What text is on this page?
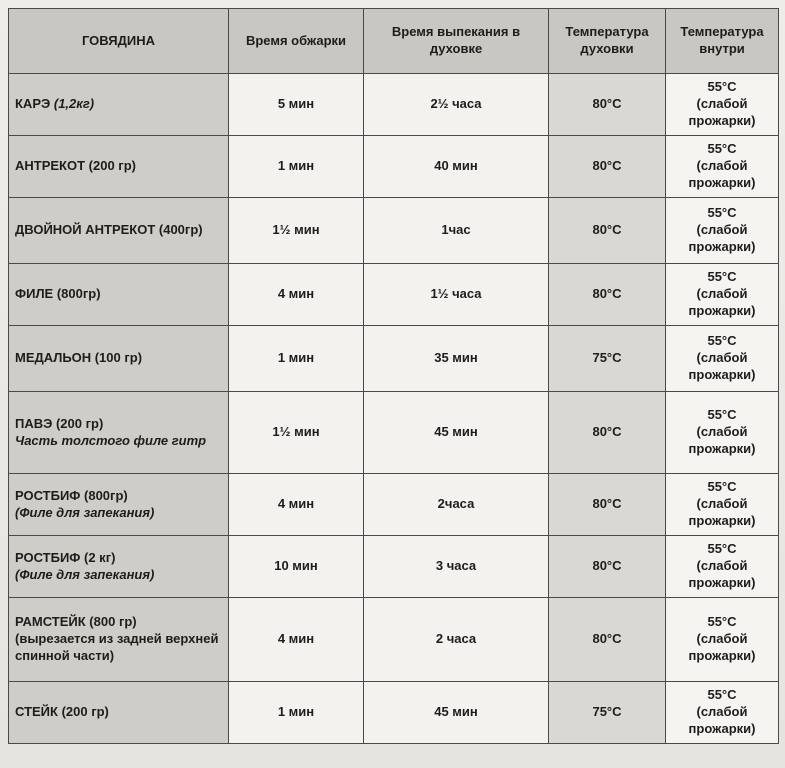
ГОВЯДИНА	Время обжарки	Время выпекания в духовке	Температура духовки	Температура внутри
КАРЭ (1,2кг)	5 мин	2½ часа	80°C	55°C
(слабой прожарки)
АНТРЕКОТ (200 гр)	1 мин	40 мин	80°C	55°C
(слабой прожарки)
ДВОЙНОЙ АНТРЕКОТ (400гр)	1½ мин	1час	80°C	55°C
(слабой прожарки)
ФИЛЕ (800гр)	4 мин	1½ часа	80°C	55°C
(слабой прожарки)
МЕДАЛЬОН (100 гр)	1 мин	35 мин	75°C	55°C
(слабой прожарки)
ПАВЭ (200 гр)
Часть толстого филе гитр	1½ мин	45 мин	80°C	55°C
(слабой прожарки)
РОСТБИФ (800гр)
(Филе для запекания)	4 мин	2часа	80°C	55°C
(слабой прожарки)
РОСТБИФ (2 кг)
(Филе для запекания)	10 мин	3 часа	80°C	55°C
(слабой прожарки)
РАМСТЕЙК (800 гр)
(вырезается из задней верхней спинной части)	4 мин	2 часа	80°C	55°C
(слабой прожарки)
СТЕЙК (200 гр)	1 мин	45 мин	75°C	55°C
(слабой прожарки)
